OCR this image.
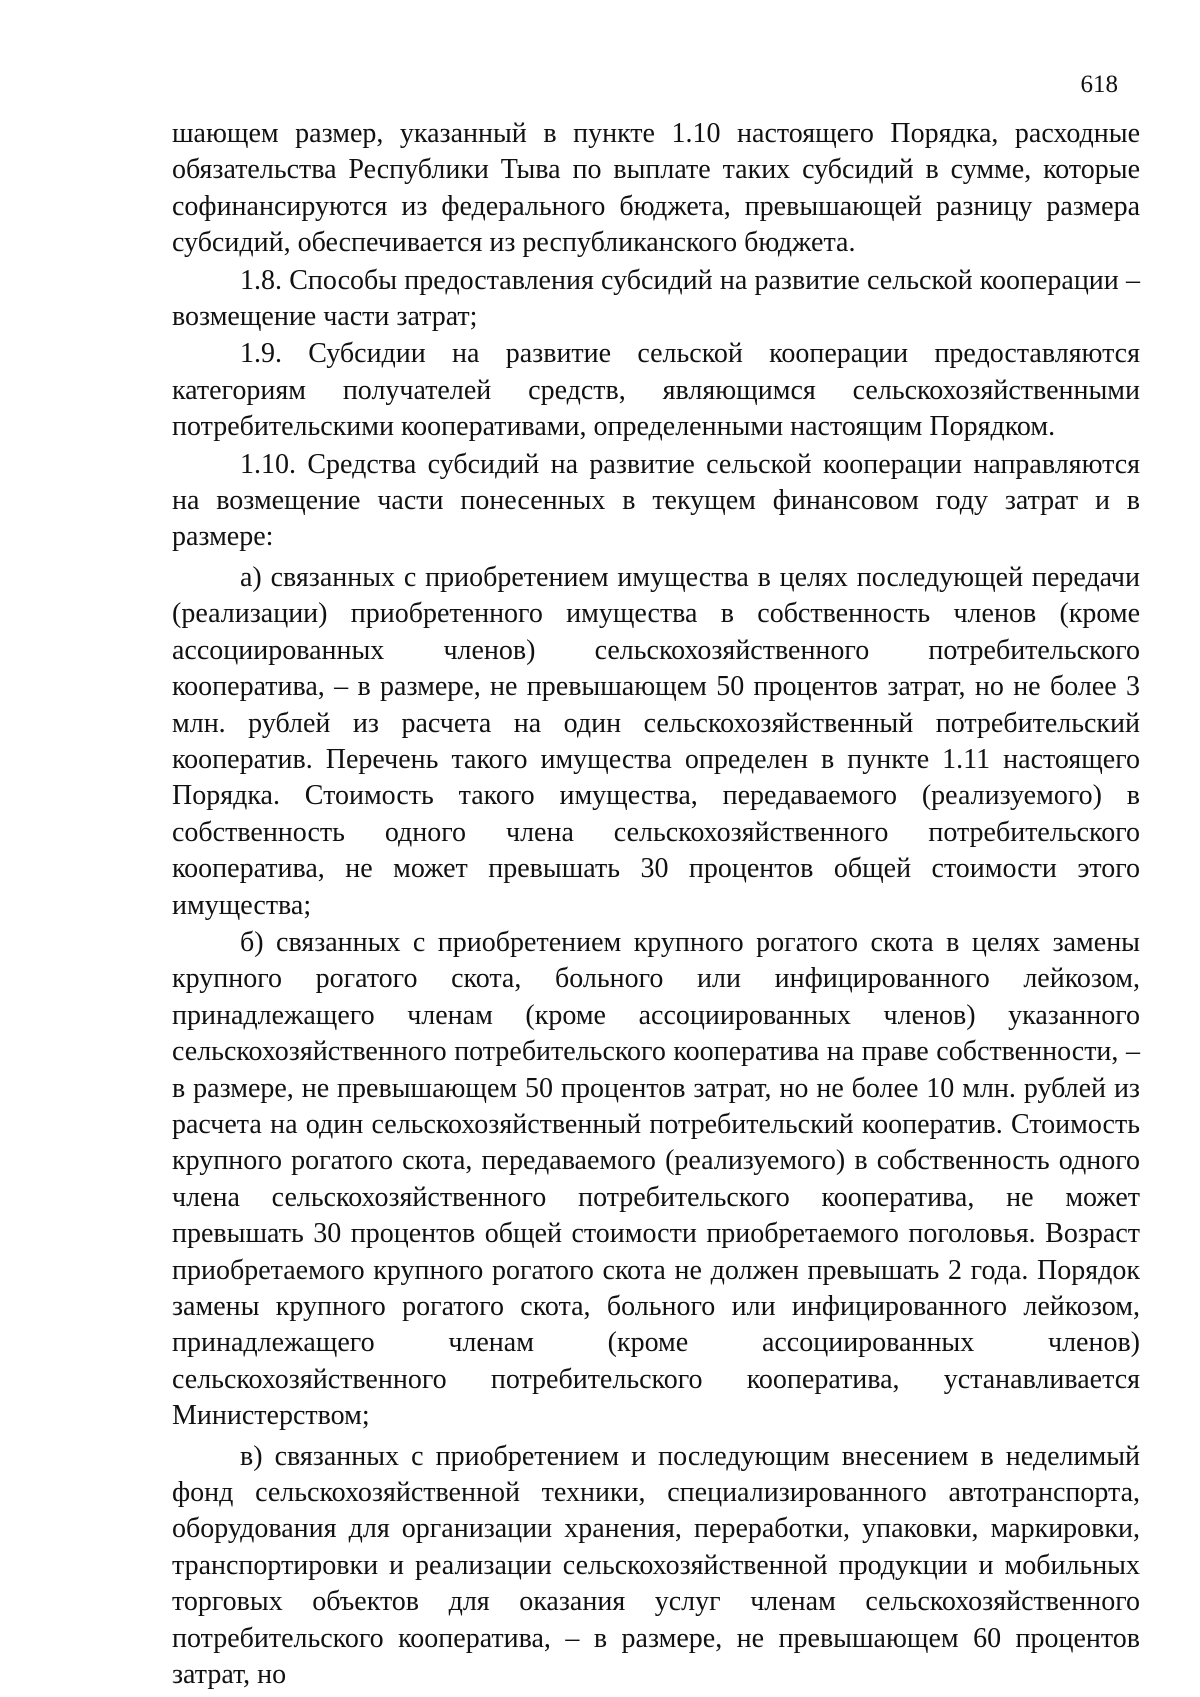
618

шающем размер, указанный в пункте 1.10 настоящего Порядка, расходные обязательства Республики Тыва по выплате таких субсидий в сумме, которые софинансируются из федерального бюджета, превышающей разницу размера субсидий, обеспечивается из республиканского бюджета.

1.8. Способы предоставления субсидий на развитие сельской кооперации – возмещение части затрат;

1.9. Субсидии на развитие сельской кооперации предоставляются категориям получателей средств, являющимся сельскохозяйственными потребительскими кооперативами, определенными настоящим Порядком.

1.10. Средства субсидий на развитие сельской кооперации направляются на возмещение части понесенных в текущем финансовом году затрат и в размере:

а) связанных с приобретением имущества в целях последующей передачи (реализации) приобретенного имущества в собственность членов (кроме ассоциированных членов) сельскохозяйственного потребительского кооператива, – в размере, не превышающем 50 процентов затрат, но не более 3 млн. рублей из расчета на один сельскохозяйственный потребительский кооператив. Перечень такого имущества определен в пункте 1.11 настоящего Порядка. Стоимость такого имущества, передаваемого (реализуемого) в собственность одного члена сельскохозяйственного потребительского кооператива, не может превышать 30 процентов общей стоимости этого имущества;

б) связанных с приобретением крупного рогатого скота в целях замены крупного рогатого скота, больного или инфицированного лейкозом, принадлежащего членам (кроме ассоциированных членов) указанного сельскохозяйственного потребительского кооператива на праве собственности, – в размере, не превышающем 50 процентов затрат, но не более 10 млн. рублей из расчета на один сельскохозяйственный потребительский кооператив. Стоимость крупного рогатого скота, передаваемого (реализуемого) в собственность одного члена сельскохозяйственного потребительского кооператива, не может превышать 30 процентов общей стоимости приобретаемого поголовья. Возраст приобретаемого крупного рогатого скота не должен превышать 2 года. Порядок замены крупного рогатого скота, больного или инфицированного лейкозом, принадлежащего членам (кроме ассоциированных членов) сельскохозяйственного потребительского кооператива, устанавливается Министерством;

в) связанных с приобретением и последующим внесением в неделимый фонд сельскохозяйственной техники, специализированного автотранспорта, оборудования для организации хранения, переработки, упаковки, маркировки, транспортировки и реализации сельскохозяйственной продукции и мобильных торговых объектов для оказания услуг членам сельскохозяйственного потребительского кооператива, – в размере, не превышающем 60 процентов затрат, но
